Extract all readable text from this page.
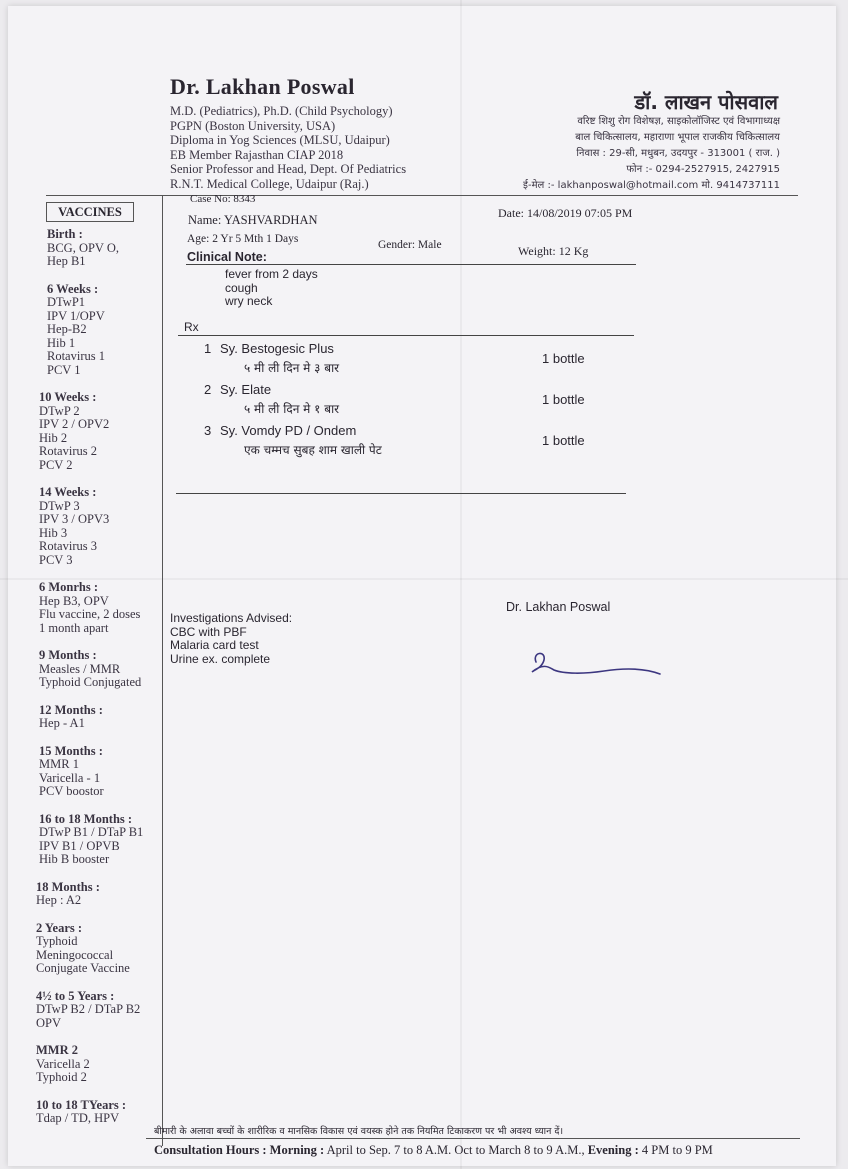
Dr. Lakhan Poswal
M.D. (Pediatrics), Ph.D. (Child Psychology)
PGPN (Boston University, USA)
Diploma in Yog Sciences (MLSU, Udaipur)
EB Member Rajasthan CIAP 2018
Senior Professor and Head, Dept. Of Pediatrics
R.N.T. Medical College, Udaipur (Raj.)
डॉ. लाखन पोसवाल
वरिष्ट शिशु रोग विशेषज्ञ, साइकोलॉजिस्ट एवं विभागाध्यक्ष
बाल चिकित्सालय, महाराणा भूपाल राजकीय चिकित्सालय
निवास : 29-सी, मधुबन, उदयपुर - 313001 ( राज. )
फोन :- 0294-2527915, 2427915
ई-मेल :- lakhanposwal@hotmail.com मो. 9414737111
VACCINES
Birth :
BCG, OPV O,
Hep B1
6 Weeks :
DTwP1
IPV 1/OPV
Hep-B2
Hib 1
Rotavirus 1
PCV 1
10 Weeks :
DTwP 2
IPV 2 / OPV2
Hib 2
Rotavirus 2
PCV 2
14 Weeks :
DTwP 3
IPV 3 / OPV3
Hib 3
Rotavirus 3
PCV 3
6 Monrhs :
Hep B3, OPV
Flu vaccine, 2 doses
1 month apart
9 Months :
Measles / MMR
Typhoid Conjugated
12 Months :
Hep - A1
15 Months :
MMR 1
Varicella - 1
PCV boostor
16 to 18 Months :
DTwP B1 / DTaP B1
IPV B1 / OPVB
Hib B booster
18 Months :
Hep : A2
2 Years :
Typhoid
Meningococcal
Conjugate Vaccine
4½ to 5 Years :
DTwP B2 / DTaP B2
OPV
MMR 2
Varicella 2
Typhoid 2
10 to 18 TYears :
Tdap / TD, HPV
Case No: 8343
Name: YASHVARDHAN	Date: 14/08/2019 07:05 PM
Age: 2 Yr 5 Mth 1 Days	Gender: Male	Weight: 12 Kg
Clinical Note:
fever from 2 days
cough
wry neck
Rx
1 Sy. Bestogesic Plus
५ मी ली दिन मे ३ बार
1 bottle
2 Sy. Elate
५ मी ली दिन मे १ बार
1 bottle
3 Sy. Vomdy PD / Ondem
एक चम्मच सुबह शाम खाली पेट
1 bottle
Investigations Advised:
CBC with PBF
Malaria card test
Urine ex. complete
Dr. Lakhan Poswal
बीमारी के अलावा बच्चों के शारीरिक व मानसिक विकास एवं वयस्क होने तक नियमित टिकाकरण पर भी अवश्य ध्यान दें।
Consultation Hours : Morning : April to Sep. 7 to 8 A.M. Oct to March 8 to 9 A.M., Evening : 4 PM to 9 PM
